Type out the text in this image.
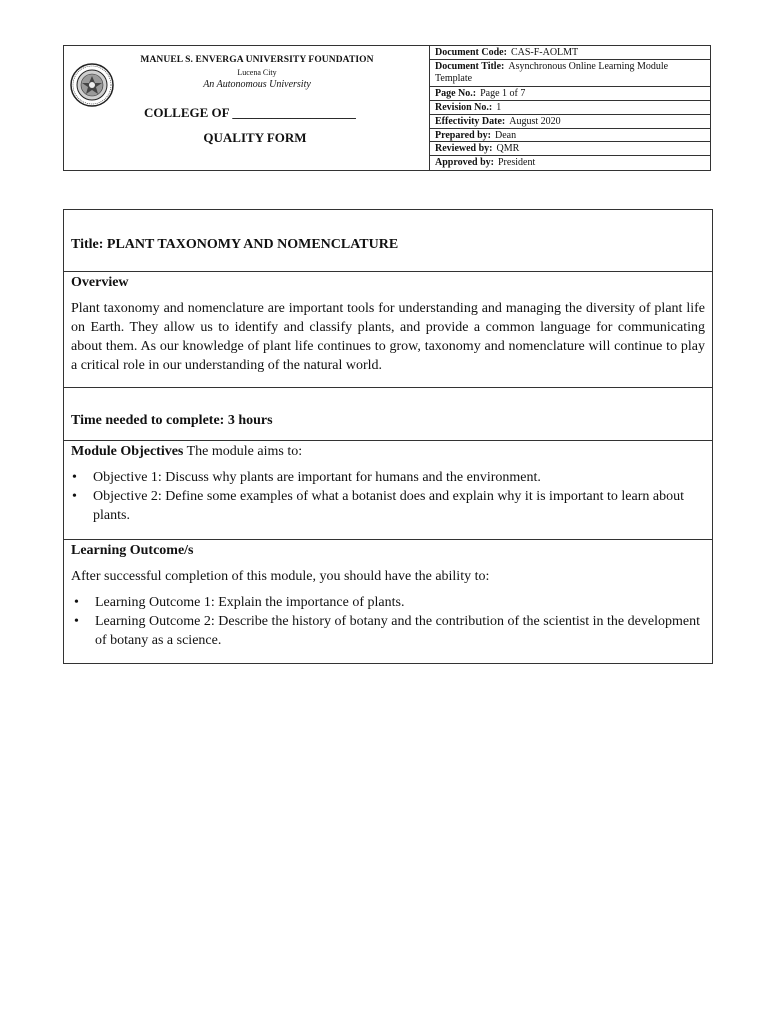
MANUEL S. ENVERGA UNIVERSITY FOUNDATION
Lucena City
An Autonomous University
COLLEGE OF ___________________
QUALITY FORM
Document Code: CAS-F-AOLMT
Document Title: Asynchronous Online Learning Module Template
Page No.: Page 1 of 7
Revision No.: 1
Effectivity Date: August 2020
Prepared by: Dean
Reviewed by: QMR
Approved by: President
Title: PLANT TAXONOMY AND NOMENCLATURE
Overview
Plant taxonomy and nomenclature are important tools for understanding and managing the diversity of plant life on Earth. They allow us to identify and classify plants, and provide a common language for communicating about them. As our knowledge of plant life continues to grow, taxonomy and nomenclature will continue to play a critical role in our understanding of the natural world.
Time needed to complete: 3 hours
Module Objectives The module aims to:
• Objective 1: Discuss why plants are important for humans and the environment.
• Objective 2: Define some examples of what a botanist does and explain why it is important to learn about plants.
Learning Outcome/s
After successful completion of this module, you should have the ability to:
• Learning Outcome 1: Explain the importance of plants.
• Learning Outcome 2: Describe the history of botany and the contribution of the scientist in the development of botany as a science.
